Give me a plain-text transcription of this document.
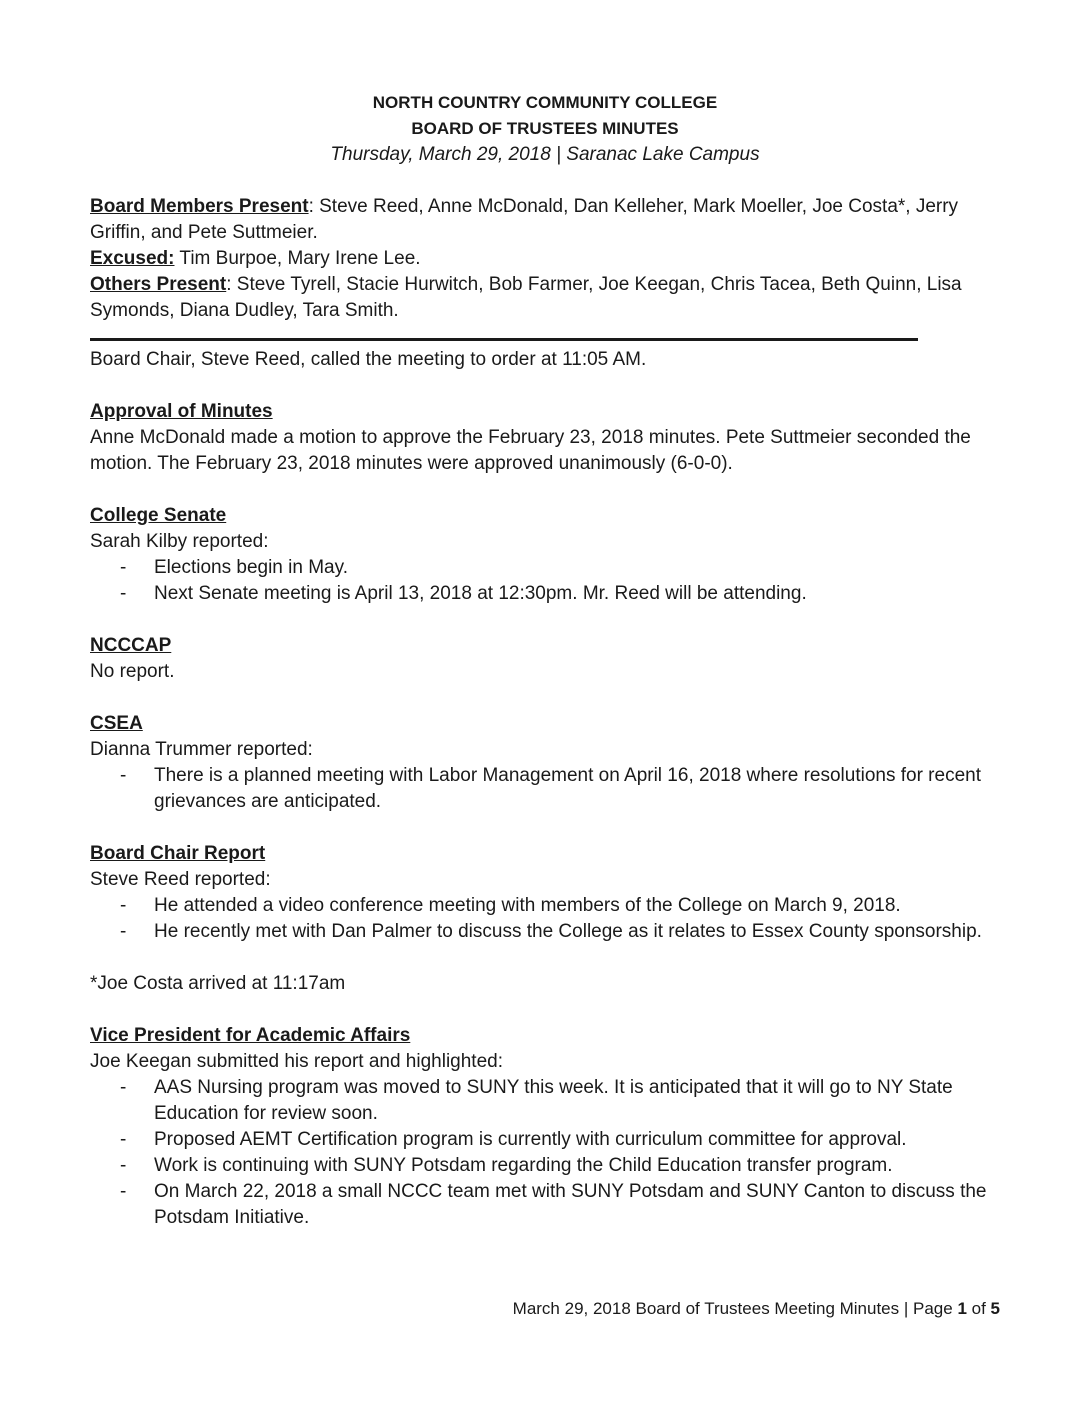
NORTH COUNTRY COMMUNITY COLLEGE
BOARD OF TRUSTEES MINUTES
Thursday, March 29, 2018 | Saranac Lake Campus

Board Members Present: Steve Reed, Anne McDonald, Dan Kelleher, Mark Moeller, Joe Costa*, Jerry Griffin, and Pete Suttmeier.

Excused: Tim Burpoe, Mary Irene Lee.

Others Present: Steve Tyrell, Stacie Hurwitch, Bob Farmer, Joe Keegan, Chris Tacea, Beth Quinn, Lisa Symonds, Diana Dudley, Tara Smith.

Board Chair, Steve Reed, called the meeting to order at 11:05 AM.

Approval of Minutes

Anne McDonald made a motion to approve the February 23, 2018 minutes. Pete Suttmeier seconded the motion. The February 23, 2018 minutes were approved unanimously (6-0-0).

College Senate

Sarah Kilby reported:

- Elections begin in May.
- Next Senate meeting is April 13, 2018 at 12:30pm. Mr. Reed will be attending.
NCCCAP

No report.

CSEA

Dianna Trummer reported:

- There is a planned meeting with Labor Management on April 16, 2018 where resolutions for recent grievances are anticipated.
Board Chair Report

Steve Reed reported:

- He attended a video conference meeting with members of the College on March 9, 2018.
- He recently met with Dan Palmer to discuss the College as it relates to Essex County sponsorship.

*Joe Costa arrived at 11:17am

Vice President for Academic Affairs

Joe Keegan submitted his report and highlighted:

- AAS Nursing program was moved to SUNY this week. It is anticipated that it will go to NY State Education for review soon.
- Proposed AEMT Certification program is currently with curriculum committee for approval.
- Work is continuing with SUNY Potsdam regarding the Child Education transfer program.
- On March 22, 2018 a small NCCC team met with SUNY Potsdam and SUNY Canton to discuss the Potsdam Initiative.
March 29, 2018 Board of Trustees Meeting Minutes | Page 1 of 5
